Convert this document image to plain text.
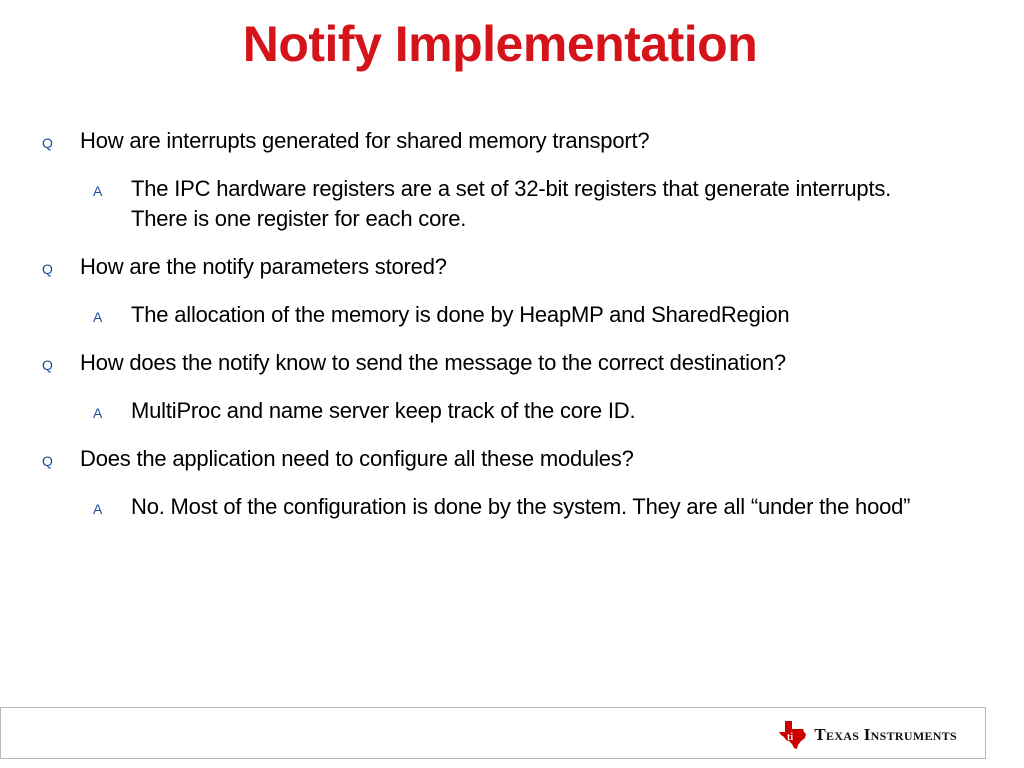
Notify Implementation
Q How are interrupts generated for shared memory transport?
A The IPC hardware registers are a set of 32-bit registers that generate interrupts. There is one register for each core.
Q How are the notify parameters stored?
A The allocation of the memory is done by HeapMP and SharedRegion
Q How does the notify know to send the message to the correct destination?
A MultiProc and name server keep track of the core ID.
Q Does the application need to configure all these modules?
A No. Most of the configuration is done by the system. They are all “under the hood”
ti Texas Instruments
